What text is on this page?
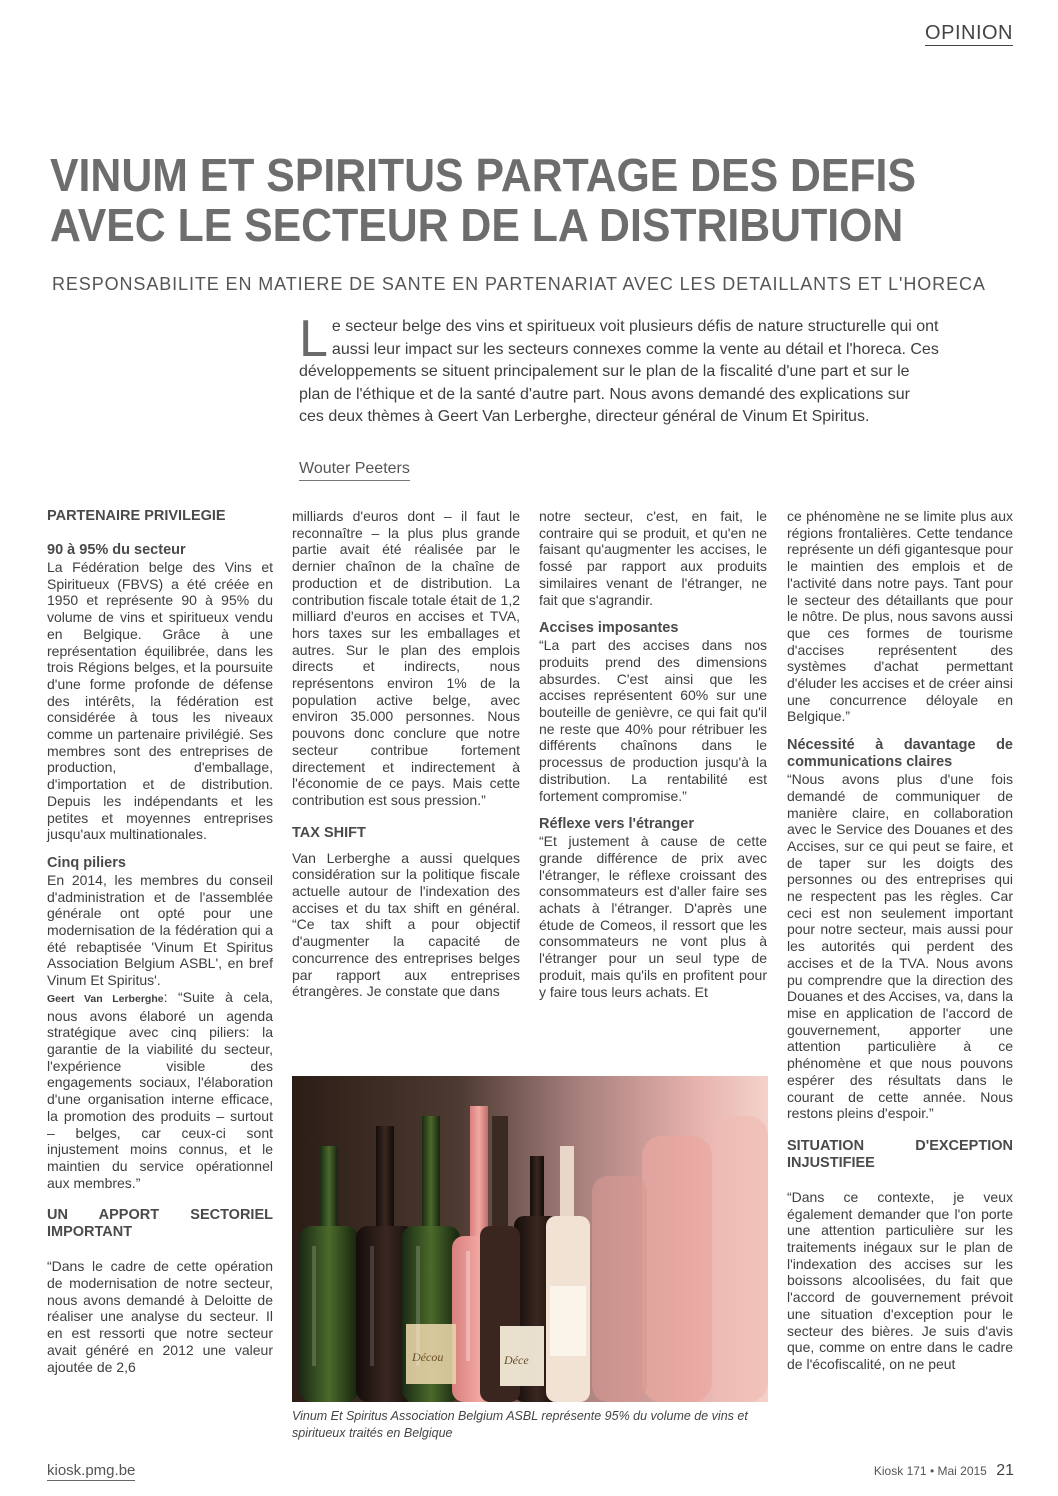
OPINION
VINUM ET SPIRITUS PARTAGE DES DEFIS
AVEC LE SECTEUR DE LA DISTRIBUTION
RESPONSABILITE EN MATIERE DE SANTE EN PARTENARIAT AVEC LES DETAILLANTS ET L'HORECA
Le secteur belge des vins et spiritueux voit plusieurs défis de nature structurelle qui ont aussi leur impact sur les secteurs connexes comme la vente au détail et l'horeca. Ces développements se situent principalement sur le plan de la fiscalité d'une part et sur le plan de l'éthique et de la santé d'autre part. Nous avons demandé des explications sur ces deux thèmes à Geert Van Lerberghe, directeur général de Vinum Et Spiritus.
Wouter Peeters
PARTENAIRE PRIVILEGIE
90 à 95% du secteur

La Fédération belge des Vins et Spiritueux (FBVS) a été créée en 1950 et représente 90 à 95% du volume de vins et spiritueux vendu en Belgique. Grâce à une représentation équilibrée, dans les trois Régions belges, et la poursuite d'une forme profonde de défense des intérêts, la fédération est considérée à tous les niveaux comme un partenaire privilégié. Ses membres sont des entreprises de production, d'emballage, d'importation et de distribution. Depuis les indépendants et les petites et moyennes entreprises jusqu'aux multinationales.

Cinq piliers

En 2014, les membres du conseil d'administration et de l'assemblée générale ont opté pour une modernisation de la fédération qui a été rebaptisée 'Vinum Et Spiritus Association Belgium ASBL', en bref Vinum Et Spiritus'.

Geert Van Lerberghe: “Suite à cela, nous avons élaboré un agenda stratégique avec cinq piliers: la garantie de la viabilité du secteur, l'expérience visible des engagements sociaux, l'élaboration d'une organisation interne efficace, la promotion des produits – surtout – belges, car ceux-ci sont injustement moins connus, et le maintien du service opérationnel aux membres.”

UN APPORT SECTORIEL IMPORTANT

“Dans le cadre de cette opération de modernisation de notre secteur, nous avons demandé à Deloitte de réaliser une analyse du secteur. Il en est ressorti que notre secteur avait généré en 2012 une valeur ajoutée de 2,6

milliards d'euros dont – il faut le reconnaître – la plus plus grande partie avait été réalisée par le dernier chaînon de la chaîne de production et de distribution. La contribution fiscale totale était de 1,2 milliard d'euros en accises et TVA, hors taxes sur les emballages et autres. Sur le plan des emplois directs et indirects, nous représentons environ 1% de la population active belge, avec environ 35.000 personnes. Nous pouvons donc conclure que notre secteur contribue fortement directement et indirectement à l'économie de ce pays. Mais cette contribution est sous pression.”

TAX SHIFT

Van Lerberghe a aussi quelques considération sur la politique fiscale actuelle autour de l'indexation des accises et du tax shift en général. “Ce tax shift a pour objectif d'augmenter la capacité de concurrence des entreprises belges par rapport aux entreprises étrangères. Je constate que dans

notre secteur, c'est, en fait, le contraire qui se produit, et qu'en ne faisant qu'augmenter les accises, le fossé par rapport aux produits similaires venant de l'étranger, ne fait que s'agrandir.

Accises imposantes

“La part des accises dans nos produits prend des dimensions absurdes. C'est ainsi que les accises représentent 60% sur une bouteille de genièvre, ce qui fait qu'il ne reste que 40% pour rétribuer les différents chaînons dans le processus de production jusqu'à la distribution. La rentabilité est fortement compromise.”

Réflexe vers l'étranger

“Et justement à cause de cette grande différence de prix avec l'étranger, le réflexe croissant des consommateurs est d'aller faire ses achats à l'étranger. D'après une étude de Comeos, il ressort que les consommateurs ne vont plus à l'étranger pour un seul type de produit, mais qu'ils en profitent pour y faire tous leurs achats. Et

ce phénomène ne se limite plus aux régions frontalières. Cette tendance représente un défi gigantesque pour le maintien des emplois et de l'activité dans notre pays. Tant pour le secteur des détaillants que pour le nôtre. De plus, nous savons aussi que ces formes de tourisme d'accises représentent des systèmes d'achat permettant d'éluder les accises et de créer ainsi une concurrence déloyale en Belgique.”

Nécessité à davantage de communications claires

“Nous avons plus d'une fois demandé de communiquer de manière claire, en collaboration avec le Service des Douanes et des Accises, sur ce qui peut se faire, et de taper sur les doigts des personnes ou des entreprises qui ne respectent pas les règles. Car ceci est non seulement important pour notre secteur, mais aussi pour les autorités qui perdent des accises et de la TVA. Nous avons pu comprendre que la direction des Douanes et des Accises, va, dans la mise en application de l'accord de gouvernement, apporter une attention particulière à ce phénomène et que nous pouvons espérer des résultats dans le courant de cette année. Nous restons pleins d'espoir.”

SITUATION D'EXCEPTION INJUSTIFIEE

“Dans ce contexte, je veux également demander que l'on porte une attention particulière sur les traitements inégaux sur le plan de l'indexation des accises sur les boissons alcoolisées, du fait que l'accord de gouvernement prévoit une situation d'exception pour le secteur des bières. Je suis d'avis que, comme on entre dans le cadre de l'écofiscalité, on ne peut

Décou	Déce
Vinum Et Spiritus Association Belgium ASBL représente 95% du volume de vins et spiritueux traités en Belgique
kiosk.pmg.be	Kiosk 171 • Mai 2015 21
